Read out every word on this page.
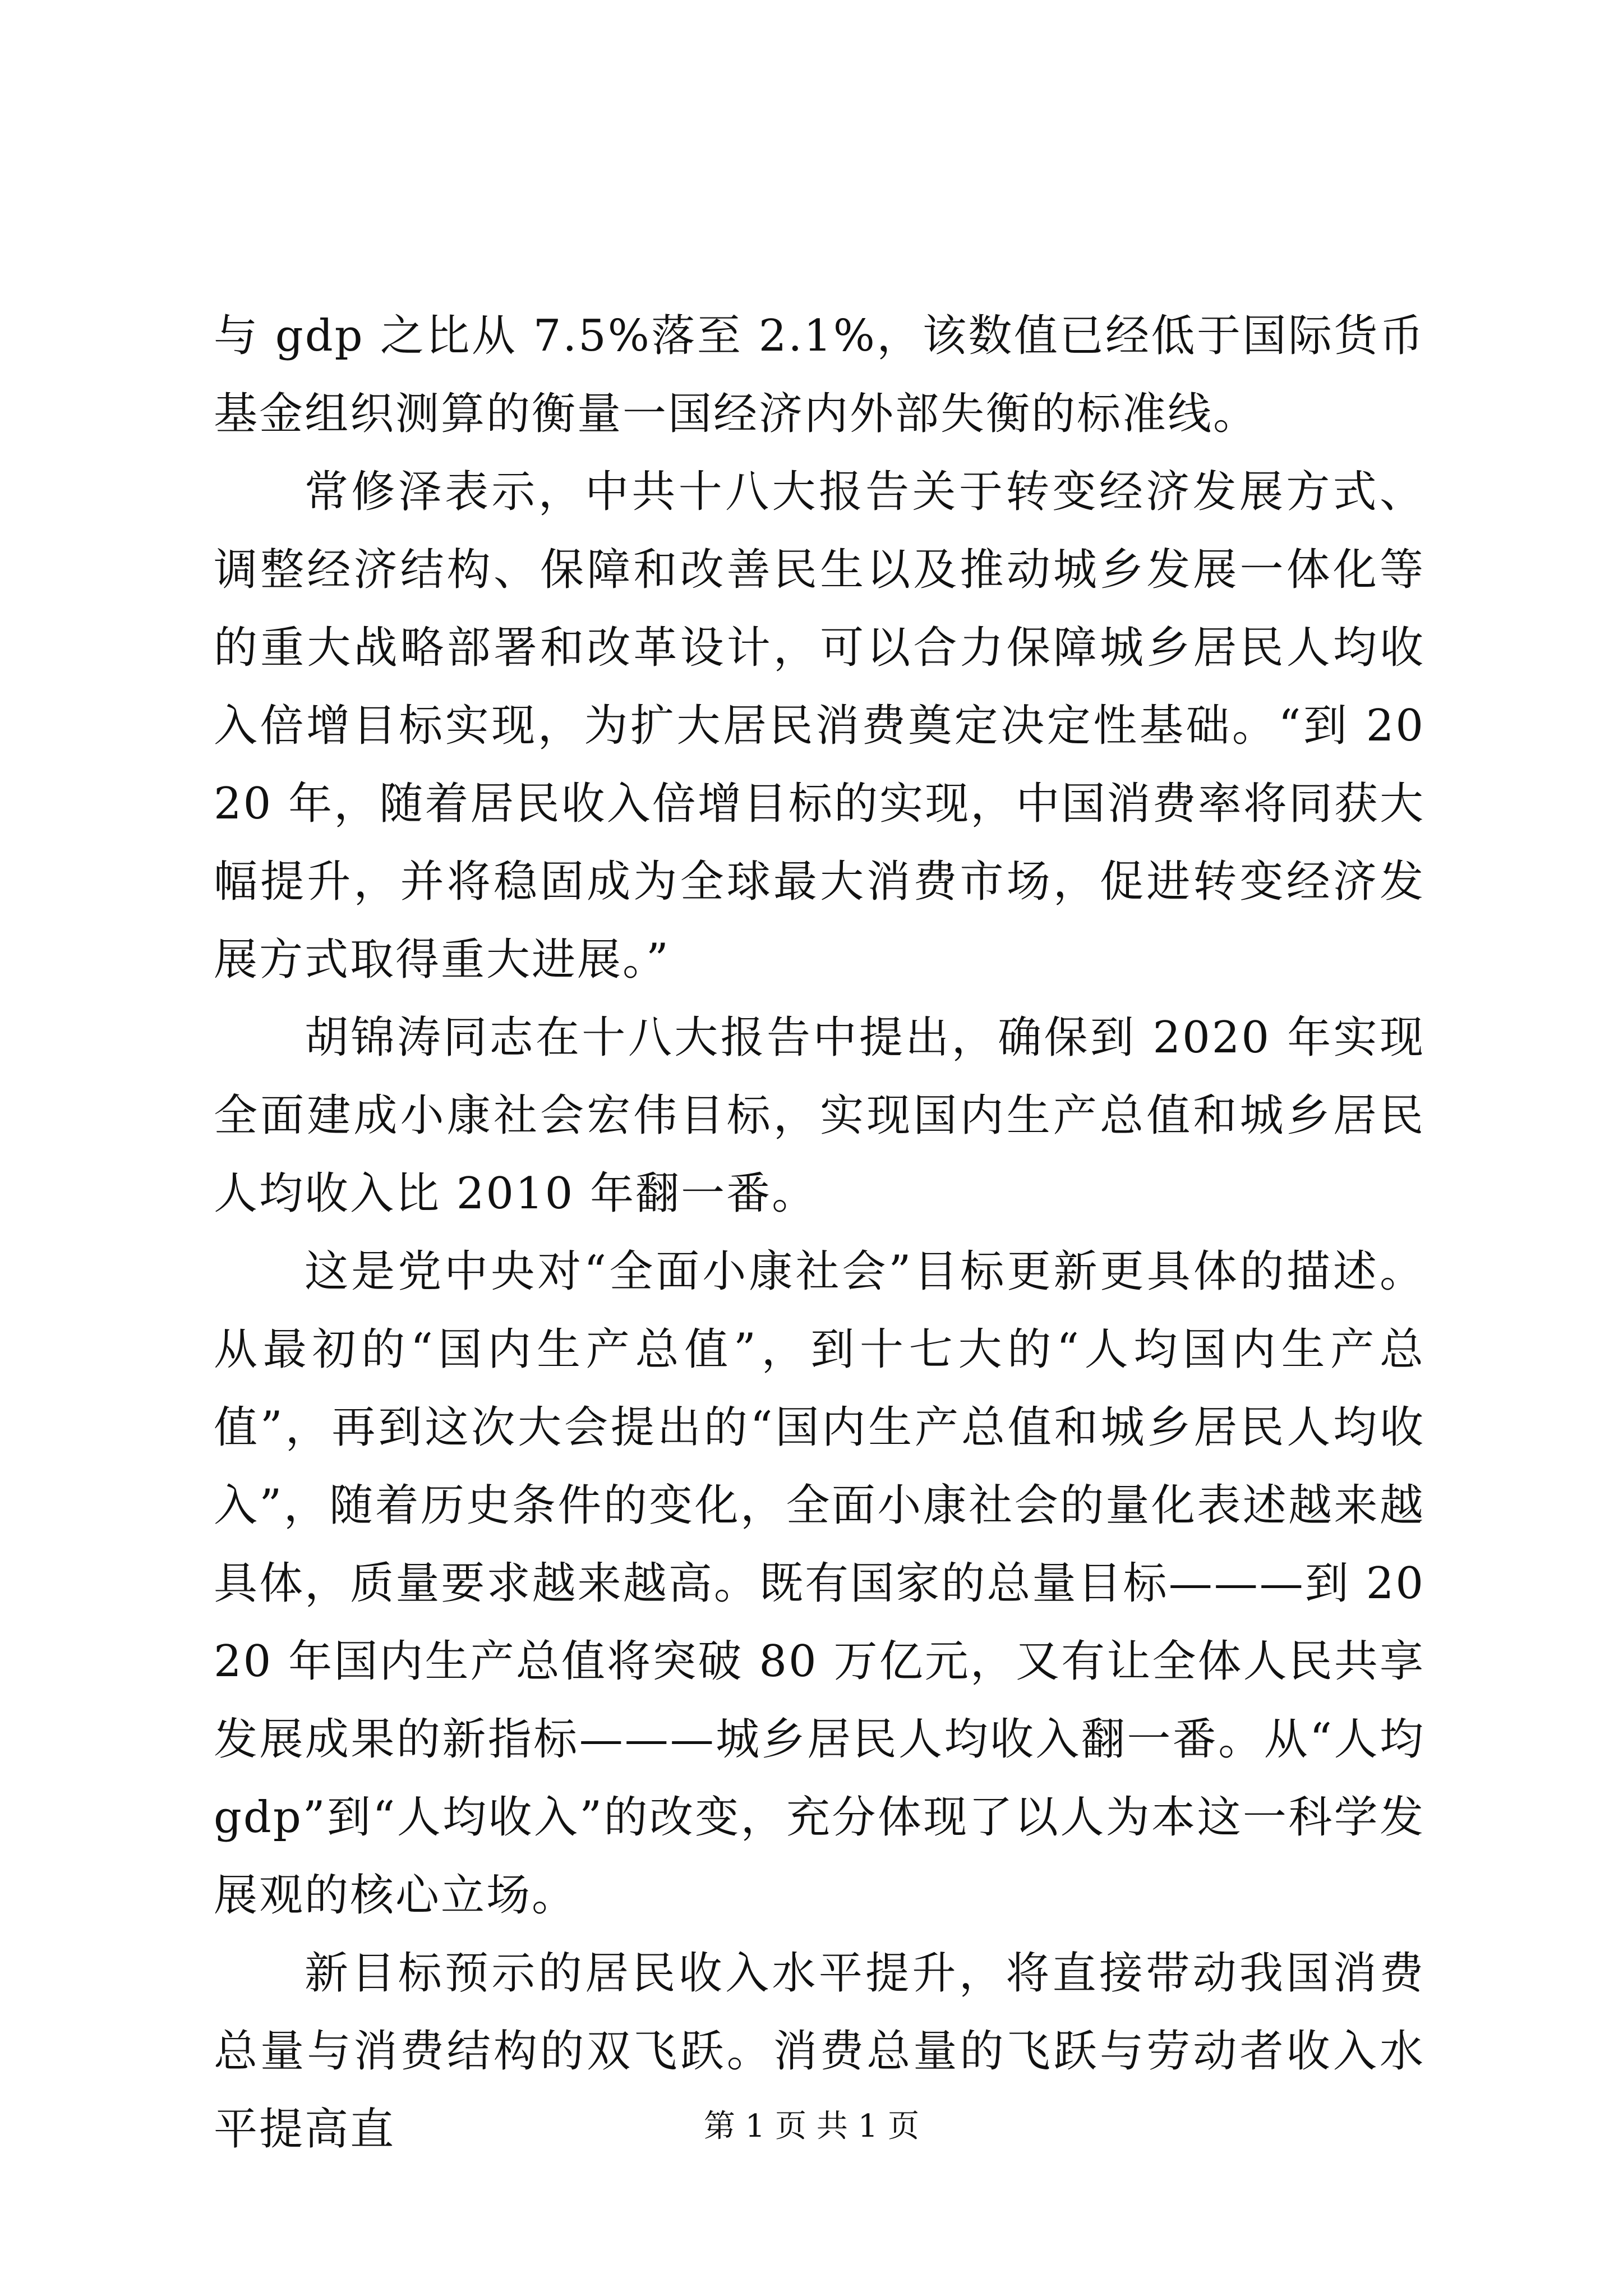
与 gdp 之比从 7.5%落至 2.1%，该数值已经低于国际货币基金组织测算的衡量一国经济内外部失衡的标准线。

常修泽表示，中共十八大报告关于转变经济发展方式、调整经济结构、保障和改善民生以及推动城乡发展一体化等的重大战略部署和改革设计，可以合力保障城乡居民人均收入倍增目标实现，为扩大居民消费奠定决定性基础。“到 2020 年，随着居民收入倍增目标的实现，中国消费率将同获大幅提升，并将稳固成为全球最大消费市场，促进转变经济发展方式取得重大进展。”

胡锦涛同志在十八大报告中提出，确保到 2020 年实现全面建成小康社会宏伟目标，实现国内生产总值和城乡居民人均收入比 2010 年翻一番。

这是党中央对“全面小康社会”目标更新更具体的描述。从最初的“国内生产总值”，到十七大的“人均国内生产总值”，再到这次大会提出的“国内生产总值和城乡居民人均收入”，随着历史条件的变化，全面小康社会的量化表述越来越具体，质量要求越来越高。既有国家的总量目标———到 2020 年国内生产总值将突破 80 万亿元，又有让全体人民共享发展成果的新指标———城乡居民人均收入翻一番。从“人均 gdp”到“人均收入”的改变，充分体现了以人为本这一科学发展观的核心立场。

新目标预示的居民收入水平提升，将直接带动我国消费总量与消费结构的双飞跃。消费总量的飞跃与劳动者收入水平提高直	第 1 页 共 1 页
